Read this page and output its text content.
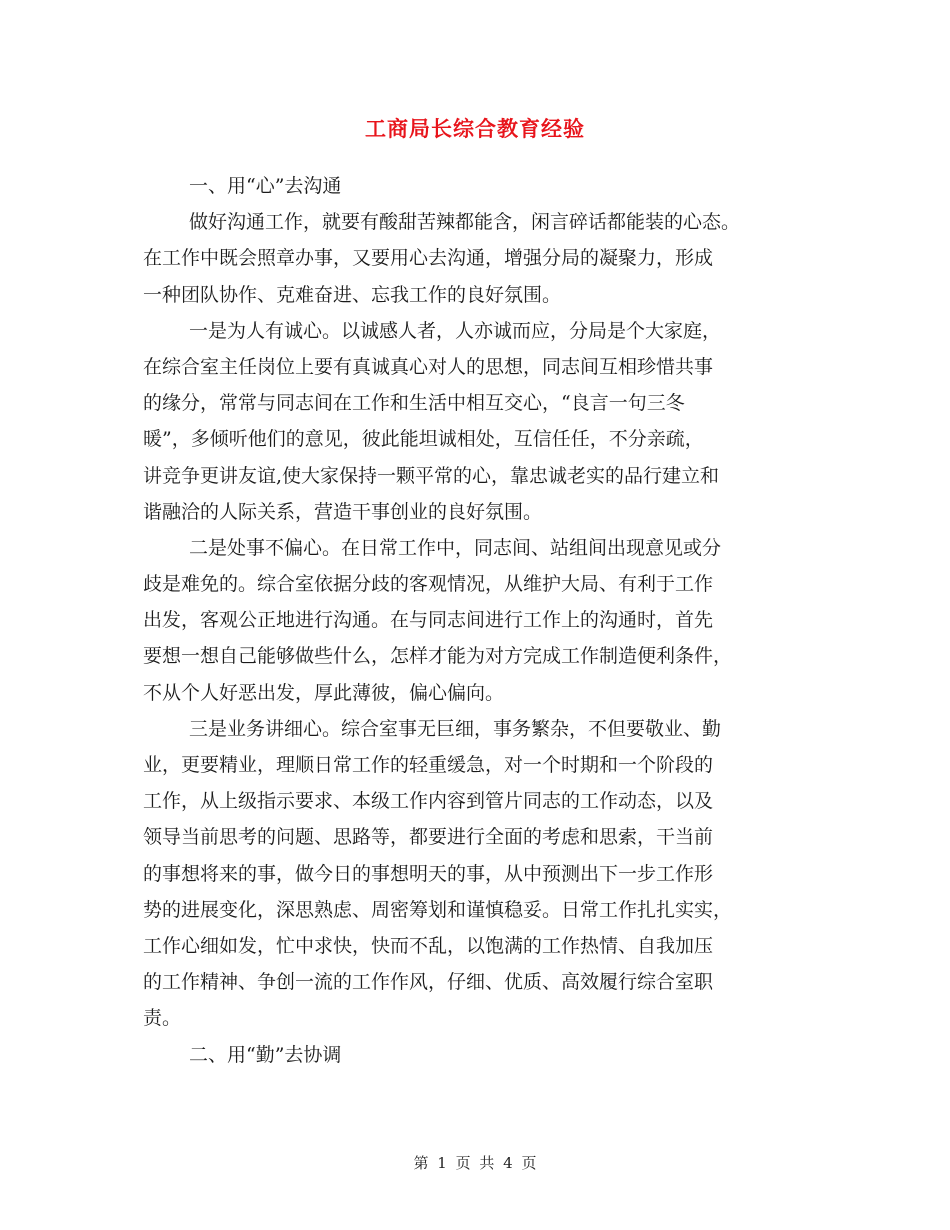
工商局长综合教育经验

一、用“心”去沟通

做好沟通工作，就要有酸甜苦辣都能含，闲言碎话都能装的心态。

在工作中既会照章办事，又要用心去沟通，增强分局的凝聚力，形成

一种团队协作、克难奋进、忘我工作的良好氛围。

一是为人有诚心。以诚感人者，人亦诚而应，分局是个大家庭，

在综合室主任岗位上要有真诚真心对人的思想，同志间互相珍惜共事

的缘分，常常与同志间在工作和生活中相互交心，“良言一句三冬

暖”，多倾听他们的意见，彼此能坦诚相处，互信任任，不分亲疏，

讲竞争更讲友谊,使大家保持一颗平常的心，靠忠诚老实的品行建立和

谐融洽的人际关系，营造干事创业的良好氛围。

二是处事不偏心。在日常工作中，同志间、站组间出现意见或分

歧是难免的。综合室依据分歧的客观情况，从维护大局、有利于工作

出发，客观公正地进行沟通。在与同志间进行工作上的沟通时，首先

要想一想自己能够做些什么，怎样才能为对方完成工作制造便利条件，

不从个人好恶出发，厚此薄彼，偏心偏向。

三是业务讲细心。综合室事无巨细，事务繁杂，不但要敬业、勤

业，更要精业，理顺日常工作的轻重缓急，对一个时期和一个阶段的

工作，从上级指示要求、本级工作内容到管片同志的工作动态，以及

领导当前思考的问题、思路等，都要进行全面的考虑和思索，干当前

的事想将来的事，做今日的事想明天的事，从中预测出下一步工作形

势的进展变化，深思熟虑、周密筹划和谨慎稳妥。日常工作扎扎实实，

工作心细如发，忙中求快，快而不乱，以饱满的工作热情、自我加压

的工作精神、争创一流的工作作风，仔细、优质、高效履行综合室职

责。

二、用“勤”去协调

第 1 页 共 4 页
